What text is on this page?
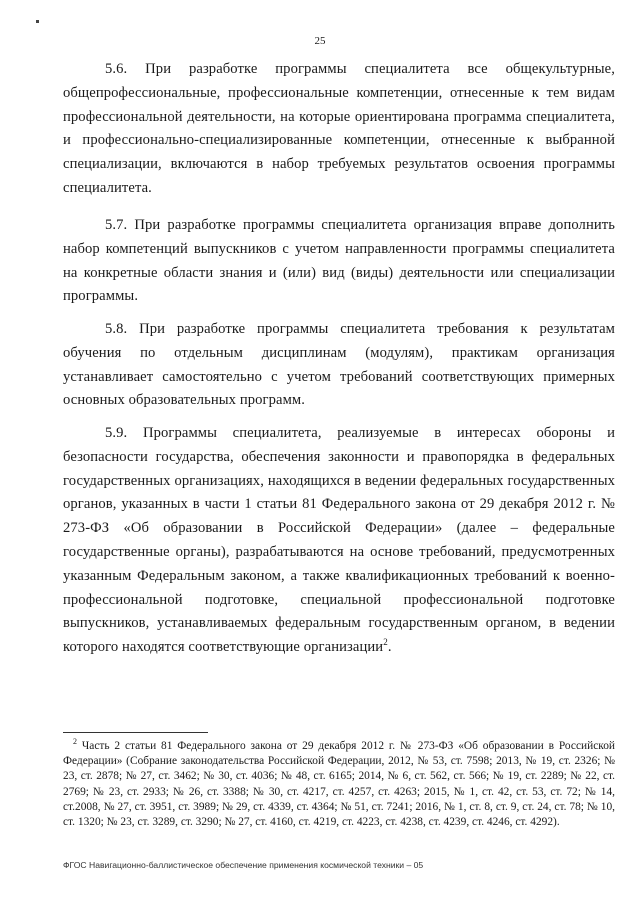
25

5.6. При разработке программы специалитета все общекультурные, общепрофессиональные, профессиональные компетенции, отнесенные к тем видам профессиональной деятельности, на которые ориентирована программа специалитета, и профессионально-специализированные компетенции, отнесенные к выбранной специализации, включаются в набор требуемых результатов освоения программы специалитета.

5.7. При разработке программы специалитета организация вправе дополнить набор компетенций выпускников с учетом направленности программы специалитета на конкретные области знания и (или) вид (виды) деятельности или специализации программы.

5.8. При разработке программы специалитета требования к результатам обучения по отдельным дисциплинам (модулям), практикам организация устанавливает самостоятельно с учетом требований соответствующих примерных основных образовательных программ.

5.9. Программы специалитета, реализуемые в интересах обороны и безопасности государства, обеспечения законности и правопорядка в федеральных государственных организациях, находящихся в ведении федеральных государственных органов, указанных в части 1 статьи 81 Федерального закона от 29 декабря 2012 г. № 273-ФЗ «Об образовании в Российской Федерации» (далее – федеральные государственные органы), разрабатываются на основе требований, предусмотренных указанным Федеральным законом, а также квалификационных требований к военно-профессиональной подготовке, специальной профессиональной подготовке выпускников, устанавливаемых федеральным государственным органом, в ведении которого находятся соответствующие организации$^2$.

$^2$ Часть 2 статьи 81 Федерального закона от 29 декабря 2012 г. № 273-ФЗ «Об образовании в Российской Федерации» (Собрание законодательства Российской Федерации, 2012, № 53, ст. 7598; 2013, № 19, ст. 2326; № 23, ст. 2878; № 27, ст. 3462; № 30, ст. 4036; № 48, ст. 6165; 2014, № 6, ст. 562, ст. 566; № 19, ст. 2289; № 22, ст. 2769; № 23, ст. 2933; № 26, ст. 3388; № 30, ст. 4217, ст. 4257, ст. 4263; 2015, № 1, ст. 42, ст. 53, ст. 72; № 14, ст.2008, № 27, ст. 3951, ст. 3989; № 29, ст. 4339, ст. 4364; № 51, ст. 7241; 2016, № 1, ст. 8, ст. 9, ст. 24, ст. 78; № 10, ст. 1320; № 23, ст. 3289, ст. 3290; № 27, ст. 4160, ст. 4219, ст. 4223, ст. 4238, ст. 4239, ст. 4246, ст. 4292).

ФГОС Навигационно-баллистическое обеспечение применения космической техники – 05
